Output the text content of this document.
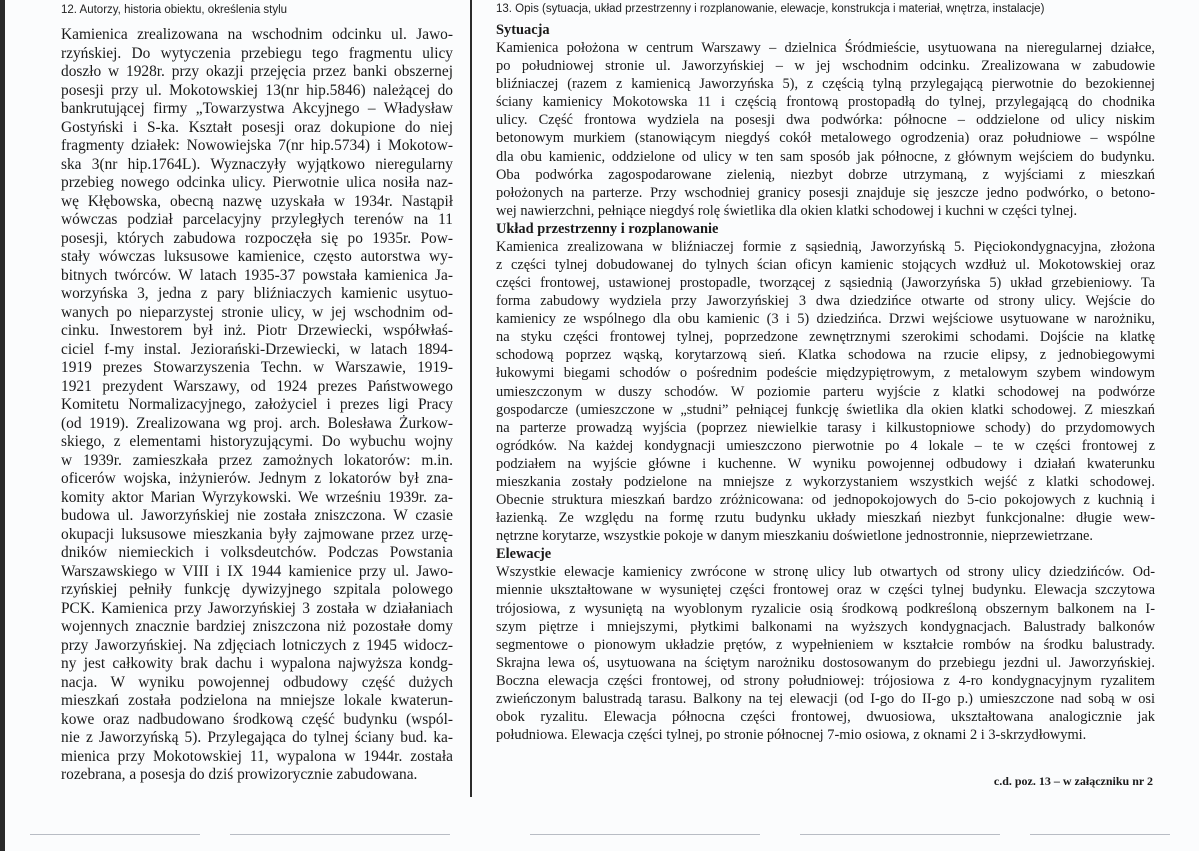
12. Autorzy, historia obiektu, określenia stylu	13. Opis (sytuacja, układ przestrzenny i rozplanowanie, elewacje, konstrukcja i materiał, wnętrza, instalacje)
Kamienica zrealizowana na wschodnim odcinku ul. Jawo-
rzyńskiej. Do wytyczenia przebiegu tego fragmentu ulicy
doszło w 1928r. przy okazji przejęcia przez banki obszernej
posesji przy ul. Mokotowskiej 13(nr hip.5846) należącej do
bankrutującej firmy „Towarzystwa Akcyjnego – Władysław
Gostyński i S-ka. Kształt posesji oraz dokupione do niej
fragmenty działek: Nowowiejska 7(nr hip.5734) i Mokotow-
ska 3(nr hip.1764L). Wyznaczyły wyjątkowo nieregularny
przebieg nowego odcinka ulicy. Pierwotnie ulica nosiła naz-
wę Kłębowska, obecną nazwę uzyskała w 1934r. Nastąpił
wówczas podział parcelacyjny przyległych terenów na 11
posesji, których zabudowa rozpoczęła się po 1935r. Pow-
stały wówczas luksusowe kamienice, często autorstwa wy-
bitnych twórców. W latach 1935-37 powstała kamienica Ja-
worzyńska 3, jedna z pary bliźniaczych kamienic usytuo-
wanych po nieparzystej stronie ulicy, w jej wschodnim od-
cinku. Inwestorem był inż. Piotr Drzewiecki, współwłaś-
ciciel f-my instal. Jeziorański-Drzewiecki, w latach 1894-
1919 prezes Stowarzyszenia Techn. w Warszawie, 1919-
1921 prezydent Warszawy, od 1924 prezes Państwowego
Komitetu Normalizacyjnego, założyciel i prezes ligi Pracy
(od 1919). Zrealizowana wg proj. arch. Bolesława Żurkow-
skiego, z elementami historyzującymi. Do wybuchu wojny
w 1939r. zamieszkała przez zamożnych lokatorów: m.in.
oficerów wojska, inżynierów. Jednym z lokatorów był zna-
komity aktor Marian Wyrzykowski. We wrześniu 1939r. za-
budowa ul. Jaworzyńskiej nie została zniszczona. W czasie
okupacji luksusowe mieszkania były zajmowane przez urzę-
dników niemieckich i volksdeutchów. Podczas Powstania
Warszawskiego w VIII i IX 1944 kamienice przy ul. Jawo-
rzyńskiej pełniły funkcję dywizyjnego szpitala polowego
PCK. Kamienica przy Jaworzyńskiej 3 została w działaniach
wojennych znacznie bardziej zniszczona niż pozostałe domy
przy Jaworzyńskiej. Na zdjęciach lotniczych z 1945 widocz-
ny jest całkowity brak dachu i wypalona najwyższa kondg-
nacja. W wyniku powojennej odbudowy część dużych
mieszkań została podzielona na mniejsze lokale kwaterun-
kowe oraz nadbudowano środkową część budynku (wspól-
nie z Jaworzyńską 5). Przylegająca do tylnej ściany bud. ka-
mienica przy Mokotowskiej 11, wypalona w 1944r. została
rozebrana, a posesja do dziś prowizorycznie zabudowana.
Sytuacja
Kamienica położona w centrum Warszawy – dzielnica Śródmieście, usytuowana na nieregularnej działce,
po południowej stronie ul. Jaworzyńskiej – w jej wschodnim odcinku. Zrealizowana w zabudowie
bliźniaczej (razem z kamienicą Jaworzyńska 5), z częścią tylną przylegającą pierwotnie do bezokiennej
ściany kamienicy Mokotowska 11 i częścią frontową prostopadłą do tylnej, przylegającą do chodnika
ulicy. Część frontowa wydziela na posesji dwa podwórka: północne – oddzielone od ulicy niskim
betonowym murkiem (stanowiącym niegdyś cokół metalowego ogrodzenia) oraz południowe – wspólne
dla obu kamienic, oddzielone od ulicy w ten sam sposób jak północne, z głównym wejściem do budynku.
Oba podwórka zagospodarowane zielenią, niezbyt dobrze utrzymaną, z wyjściami z mieszkań
położonych na parterze. Przy wschodniej granicy posesji znajduje się jeszcze jedno podwórko, o betono-
wej nawierzchni, pełniące niegdyś rolę świetlika dla okien klatki schodowej i kuchni w części tylnej.
Układ przestrzenny i rozplanowanie
Kamienica zrealizowana w bliźniaczej formie z sąsiednią, Jaworzyńską 5. Pięciokondygnacyjna, złożona
z części tylnej dobudowanej do tylnych ścian oficyn kamienic stojących wzdłuż ul. Mokotowskiej oraz
części frontowej, ustawionej prostopadle, tworzącej z sąsiednią (Jaworzyńska 5) układ grzebieniowy. Ta
forma zabudowy wydziela przy Jaworzyńskiej 3 dwa dziedzińce otwarte od strony ulicy. Wejście do
kamienicy ze wspólnego dla obu kamienic (3 i 5) dziedzińca. Drzwi wejściowe usytuowane w narożniku,
na styku części frontowej tylnej, poprzedzone zewnętrznymi szerokimi schodami. Dojście na klatkę
schodową poprzez wąską, korytarzową sień. Klatka schodowa na rzucie elipsy, z jednobiegowymi
łukowymi biegami schodów o pośrednim podeście międzypiętrowym, z metalowym szybem windowym
umieszczonym w duszy schodów. W poziomie parteru wyjście z klatki schodowej na podwórze
gospodarcze (umieszczone w „studni” pełniącej funkcję świetlika dla okien klatki schodowej. Z mieszkań
na parterze prowadzą wyjścia (poprzez niewielkie tarasy i kilkustopniowe schody) do przydomowych
ogródków. Na każdej kondygnacji umieszczono pierwotnie po 4 lokale – te w części frontowej z
podziałem na wyjście główne i kuchenne. W wyniku powojennej odbudowy i działań kwaterunku
mieszkania zostały podzielone na mniejsze z wykorzystaniem wszystkich wejść z klatki schodowej.
Obecnie struktura mieszkań bardzo zróżnicowana: od jednopokojowych do 5-cio pokojowych z kuchnią i
łazienką. Ze względu na formę rzutu budynku układy mieszkań niezbyt funkcjonalne: długie wew-
nętrzne korytarze, wszystkie pokoje w danym mieszkaniu doświetlone jednostronnie, nieprzewietrzane.
Elewacje
Wszystkie elewacje kamienicy zwrócone w stronę ulicy lub otwartych od strony ulicy dziedzińców. Od-
miennie ukształtowane w wysuniętej części frontowej oraz w części tylnej budynku. Elewacja szczytowa
trójosiowa, z wysuniętą na wyoblonym ryzalicie osią środkową podkreśloną obszernym balkonem na I-
szym piętrze i mniejszymi, płytkimi balkonami na wyższych kondygnacjach. Balustrady balkonów
segmentowe o pionowym układzie prętów, z wypełnieniem w kształcie rombów na środku balustrady.
Skrajna lewa oś, usytuowana na ściętym narożniku dostosowanym do przebiegu jezdni ul. Jaworzyńskiej.
Boczna elewacja części frontowej, od strony południowej: trójosiowa z 4-ro kondygnacyjnym ryzalitem
zwieńczonym balustradą tarasu. Balkony na tej elewacji (od I-go do II-go p.) umieszczone nad sobą w osi
obok ryzalitu. Elewacja północna części frontowej, dwuosiowa, ukształtowana analogicznie jak
południowa. Elewacja części tylnej, po stronie północnej 7-mio osiowa, z oknami 2 i 3-skrzydłowymi.
c.d. poz. 13 – w załączniku nr 2
